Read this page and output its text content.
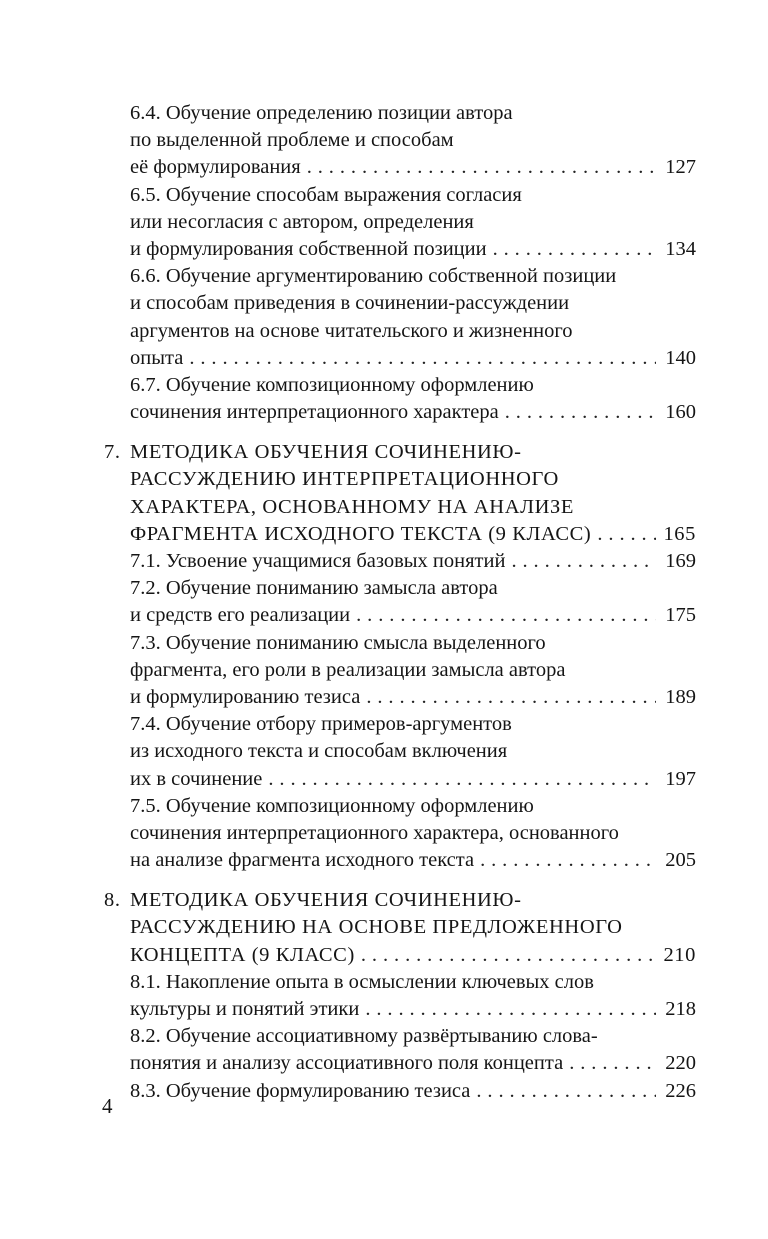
6.4. Обучение определению позиции автора
по выделенной проблеме и способам
её формулирования . . .	127
6.5. Обучение способам выражения согласия
или несогласия с автором, определения
и формулирования собственной позиции . . .	134
6.6. Обучение аргументированию собственной позиции
и способам приведения в сочинении-рассуждении
аргументов на основе читательского и жизненного
опыта . . .	140
6.7. Обучение композиционному оформлению
сочинения интерпретационного характера . . .	160
7. МЕТОДИКА ОБУЧЕНИЯ СОЧИНЕНИЮ-
РАССУЖДЕНИЮ ИНТЕРПРЕТАЦИОННОГО
ХАРАКТЕРА, ОСНОВАННОМУ НА АНАЛИЗЕ
ФРАГМЕНТА ИСХОДНОГО ТЕКСТА (9 КЛАСС) . . .	165
7.1. Усвоение учащимися базовых понятий . . .	169
7.2. Обучение пониманию замысла автора
и средств его реализации . . .	175
7.3. Обучение пониманию смысла выделенного
фрагмента, его роли в реализации замысла автора
и формулированию тезиса . . .	189
7.4. Обучение отбору примеров-аргументов
из исходного текста и способам включения
их в сочинение . . .	197
7.5. Обучение композиционному оформлению
сочинения интерпретационного характера, основанного
на анализе фрагмента исходного текста . . .	205
8. МЕТОДИКА ОБУЧЕНИЯ СОЧИНЕНИЮ-
РАССУЖДЕНИЮ НА ОСНОВЕ ПРЕДЛОЖЕННОГО
КОНЦЕПТА (9 КЛАСС) . . .	210
8.1. Накопление опыта в осмыслении ключевых слов
культуры и понятий этики . . .	218
8.2. Обучение ассоциативному развёртыванию слова-
понятия и анализу ассоциативного поля концепта . . .	220
8.3. Обучение формулированию тезиса . . .	226
4
